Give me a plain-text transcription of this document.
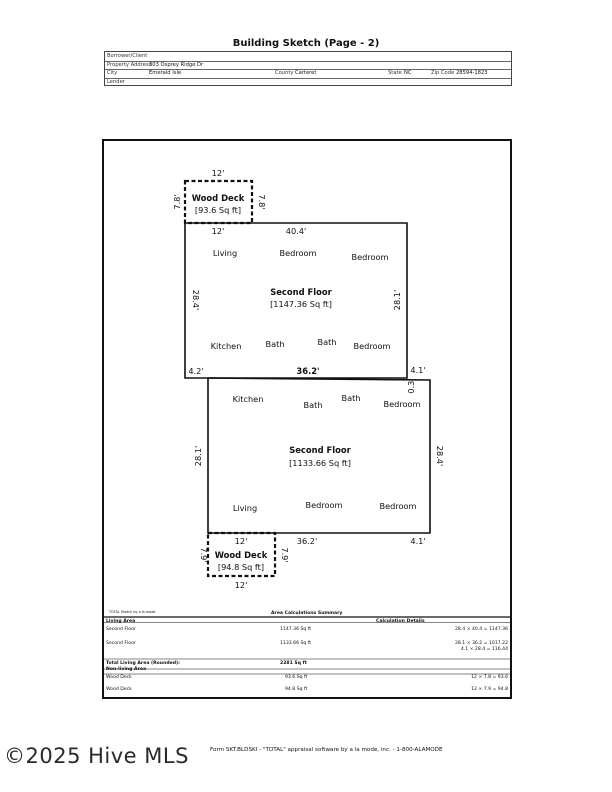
Building Sketch (Page - 2)
Borrower/Client
Property Address
303 Osprey Ridge Dr
City	Emerald Isle	County Carteret	State NC	Zip Code 28594-1823
Lender
12'
Wood Deck
[93.6 Sq ft]
7.8'	7.8'
12'	40.4'
Living	Bedroom	Bedroom
Second Floor
[1147.36 Sq ft]
28.4'	28.1'
Kitchen	Bath	Bath Bedroom
4.2'	36.2'	4.1'
0.3'
Kitchen
Bath
Bath
Bedroom
Second Floor
[1133.66 Sq ft]
28.1'	28.4'
Living	Bedroom	Bedroom
12'	36.2'	4.1'
Wood Deck
[94.8 Sq ft]
7.9'	7.9'
12'
TOTAL Sketch by a la mode	Area Calculations Summary
Living Area	Calculation Details
Second Floor	1147.36 Sq ft	28.4 × 40.4 = 1147.36
Second Floor	1133.66 Sq ft	28.1 × 36.2 = 1017.22
4.1 × 28.4 = 116.44
Total Living Area (Rounded):	2281 Sq ft
Non-living Area
Wood Deck	93.6 Sq ft	12 × 7.8 = 93.6
Wood Deck	94.8 Sq ft	12 × 7.9 = 94.8
©2025 Hive MLS	Form SKT.BLDSKI - "TOTAL" appraisal software by a la mode, inc. - 1-800-ALAMODE
